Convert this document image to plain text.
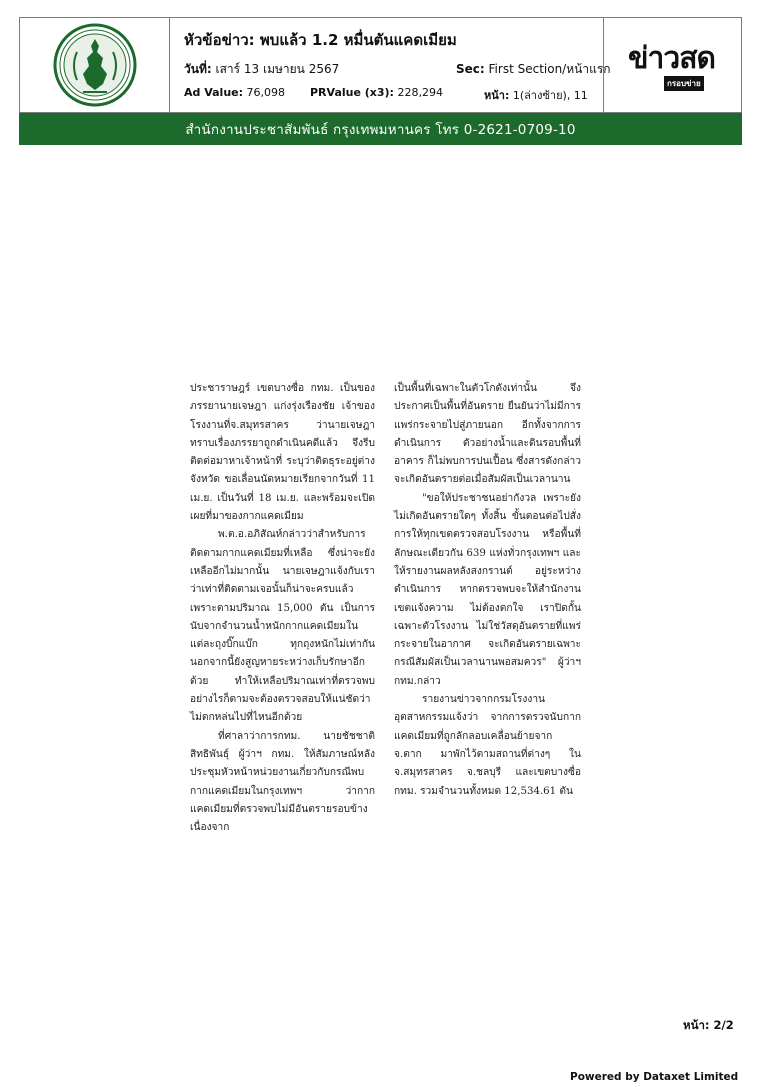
หัวข้อข่าว: พบแล้ว 1.2 หมื่นตันแคดเมียม
วันที่: เสาร์ 13 เมษายน 2567	Sec: First Section/หน้าแรก
Ad Value: 76,098 PRValue (x3): 228,294	หน้า: 1(ล่างซ้าย), 11
ข่าวสด
กรอบข่าย
สำนักงานประชาสัมพันธ์ กรุงเทพมหานคร โทร 0-2621-0709-10

ประชาราษฎร์ เขตบางซื่อ กทม. เป็นของภรรยานายเจษฎา แก่งรุ่งเรืองชัย เจ้าของโรงงานที่จ.สมุทรสาคร ว่านายเจษฎาทราบเรื่องภรรยาถูกดำเนินคดีแล้ว จึงรีบติดต่อมาหาเจ้าหน้าที่ ระบุว่าติดธุระอยู่ต่างจังหวัด ขอเลื่อนนัดหมายเรียกจากวันที่ 11 เม.ย. เป็นวันที่ 18 เม.ย. และพร้อมจะเปิดเผยที่มาของกากแคดเมียม

พ.ต.อ.อภิสัณห์กล่าวว่าสำหรับการติดตามกากแคดเมียมที่เหลือ ซึ่งน่าจะยังเหลืออีกไม่มากนั้น นายเจษฎาแจ้งกับเราว่าเท่าที่ติดตามเจอนั้นก็น่าจะครบแล้ว เพราะตามปริมาณ 15,000 ตัน เป็นการนับจากจำนวนน้ำหนักกากแคดเมียมในแต่ละถุงบิ๊กแบ๊ก ทุกถุงหนักไม่เท่ากัน นอกจากนี้ยังสูญหายระหว่างเก็บรักษาอีกด้วย ทำให้เหลือปริมาณเท่าที่ตรวจพบ อย่างไรก็ตามจะต้องตรวจสอบให้แน่ชัดว่าไม่ตกหล่นไปที่ไหนอีกด้วย

ที่ศาลาว่าการกทม. นายชัชชาติ สิทธิพันธุ์ ผู้ว่าฯ กทม. ให้สัมภาษณ์หลังประชุมหัวหน้าหน่วยงานเกี่ยวกับกรณีพบกากแคดเมียมในกรุงเทพฯ ว่ากากแคดเมียมที่ตรวจพบไม่มีอันตรายรอบข้าง เนื่องจาก

เป็นพื้นที่เฉพาะในตัวโกดังเท่านั้น จึงประกาศเป็นพื้นที่อันตราย ยืนยันว่าไม่มีการแพร่กระจายไปสู่ภายนอก อีกทั้งจากการดำเนินการ ตัวอย่างน้ำและดินรอบพื้นที่อาคาร ก็ไม่พบการปนเปื้อน ซึ่งสารดังกล่าวจะเกิดอันตรายต่อเมื่อสัมผัสเป็นเวลานาน

"ขอให้ประชาชนอย่ากังวล เพราะยังไม่เกิดอันตรายใดๆ ทั้งสิ้น ขั้นตอนต่อไปสั่งการให้ทุกเขตตรวจสอบโรงงาน หรือพื้นที่ลักษณะเดียวกัน 639 แห่งทั่วกรุงเทพฯ และให้รายงานผลหลังสงกรานต์ อยู่ระหว่างดำเนินการ หากตรวจพบจะให้สำนักงานเขตแจ้งความ ไม่ต้องตกใจ เราปิดกั้นเฉพาะตัวโรงงาน ไม่ใช่วัสดุอันตรายที่แพร่กระจายในอากาศ จะเกิดอันตรายเฉพาะกรณีสัมผัสเป็นเวลานานพอสมควร" ผู้ว่าฯ กทม.กล่าว

รายงานข่าวจากกรมโรงงานอุตสาหกรรมแจ้งว่า จากการตรวจนับกากแคดเมียมที่ถูกลักลอบเคลื่อนย้ายจาก จ.ตาก มาพักไว้ตามสถานที่ต่างๆ ใน จ.สมุทรสาคร จ.ชลบุรี และเขตบางซื่อ กทม. รวมจำนวนทั้งหมด 12,534.61 ตัน

หน้า: 2/2
Powered by Dataxet Limited
